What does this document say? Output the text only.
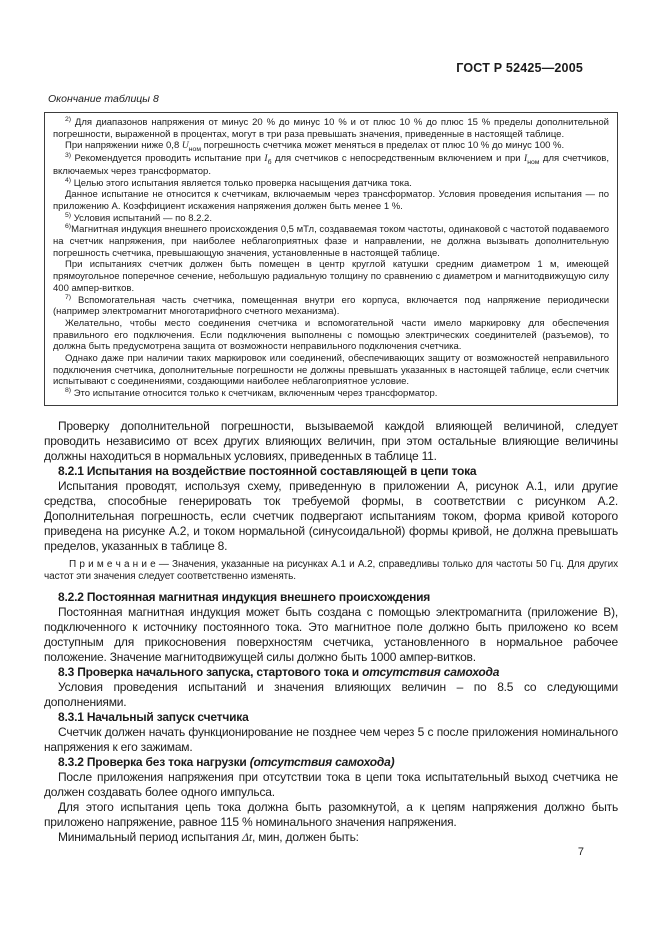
ГОСТ Р 52425—2005
Окончание таблицы 8

$^{2)}$ Для диапазонов напряжения от минус 20 % до минус 10 % и от плюс 10 % до плюс 15 % пределы дополнительной погрешности, выраженной в процентах, могут в три раза превышать значения, приведенные в настоящей таблице.

При напряжении ниже 0,8 $U_{ном}$ погрешность счетчика может меняться в пределах от плюс 10 % до минус 100 %.

$^{3)}$ Рекомендуется проводить испытание при $I_б$ для счетчиков с непосредственным включением и при $I_{ном}$ для счетчиков, включаемых через трансформатор.

$^{4)}$ Целью этого испытания является только проверка насыщения датчика тока.

Данное испытание не относится к счетчикам, включаемым через трансформатор. Условия проведения испытания — по приложению А. Коэффициент искажения напряжения должен быть менее 1 %.

$^{5)}$ Условия испытаний — по 8.2.2.

$^{6)}$Магнитная индукция внешнего происхождения 0,5 мТл, создаваемая током частоты, одинаковой с частотой подаваемого на счетчик напряжения, при наиболее неблагоприятных фазе и направлении, не должна вызывать дополнительную погрешность счетчика, превышающую значения, установленные в настоящей таблице.

При испытаниях счетчик должен быть помещен в центр круглой катушки средним диаметром 1 м, имеющей прямоугольное поперечное сечение, небольшую радиальную толщину по сравнению с диаметром и магнитодвижущую силу 400 ампер-витков.

$^{7)}$ Вспомогательная часть счетчика, помещенная внутри его корпуса, включается под напряжение периодически (например электромагнит многотарифного счетного механизма).

Желательно, чтобы место соединения счетчика и вспомогательной части имело маркировку для обеспечения правильного его подключения. Если подключения выполнены с помощью электрических соединителей (разъемов), то должна быть предусмотрена защита от возможности неправильного подключения счетчика.

Однако даже при наличии таких маркировок или соединений, обеспечивающих защиту от возможностей неправильного подключения счетчика, дополнительные погрешности не должны превышать указанных в настоящей таблице, если счетчик испытывают с соединениями, создающими наиболее неблагоприятное условие.

$^{8)}$ Это испытание относится только к счетчикам, включенным через трансформатор.

Проверку дополнительной погрешности, вызываемой каждой влияющей величиной, следует проводить независимо от всех других влияющих величин, при этом остальные влияющие величины должны находиться в нормальных условиях, приведенных в таблице 11.

8.2.1 Испытания на воздействие постоянной составляющей в цепи тока

Испытания проводят, используя схему, приведенную в приложении А, рисунок А.1, или другие средства, способные генерировать ток требуемой формы, в соответствии с рисунком А.2. Дополнительная погрешность, если счетчик подвергают испытаниям током, форма кривой которого приведена на рисунке А.2, и током нормальной (синусоидальной) формы кривой, не должна превышать пределов, указанных в таблице 8.

П р и м е ч а н и е — Значения, указанные на рисунках А.1 и А.2, справедливы только для частоты 50 Гц. Для других частот эти значения следует соответственно изменять.

8.2.2 Постоянная магнитная индукция внешнего происхождения

Постоянная магнитная индукция может быть создана с помощью электромагнита (приложение В), подключенного к источнику постоянного тока. Это магнитное поле должно быть приложено ко всем доступным для прикосновения поверхностям счетчика, установленного в нормальное рабочее положение. Значение магнитодвижущей силы должно быть 1000 ампер-витков.

8.3 Проверка начального запуска, стартового тока и отсутствия самохода

Условия проведения испытаний и значения влияющих величин – по 8.5 со следующими дополнениями.

8.3.1 Начальный запуск счетчика

Счетчик должен начать функционирование не позднее чем через 5 с после приложения номинального напряжения к его зажимам.

8.3.2 Проверка без тока нагрузки (отсутствия самохода)

После приложения напряжения при отсутствии тока в цепи тока испытательный выход счетчика не должен создавать более одного импульса.

Для этого испытания цепь тока должна быть разомкнутой, а к цепям напряжения должно быть приложено напряжение, равное 115 % номинального значения напряжения.

Минимальный период испытания Δt, мин, должен быть:

7
